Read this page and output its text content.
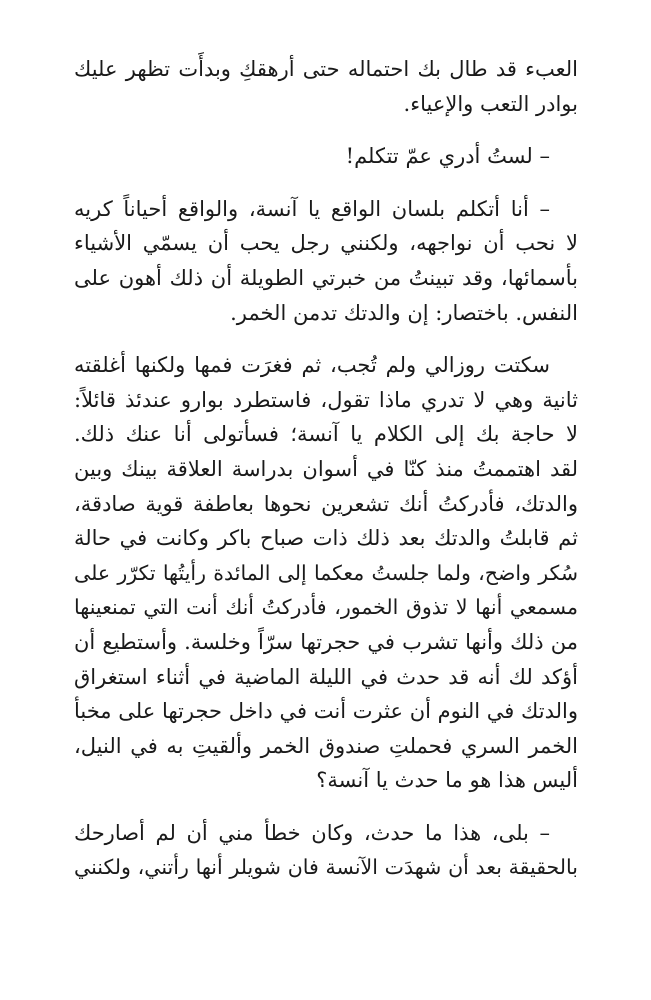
العبء قد طال بك احتماله حتى أرهقكِ وبدأَت تظهر عليك
بوادر التعب والإعياء.
– لستُ أدري عمّ تتكلم!
– أنا أتكلم بلسان الواقع يا آنسة، والواقع أحياناً كريه
لا نحب أن نواجهه، ولكنني رجل يحب أن يسمّي الأشياء
بأسمائها، وقد تبينتُ من خبرتي الطويلة أن ذلك أهون على
النفس. باختصار: إن والدتك تدمن الخمر.
سكتت روزالي ولم تُجب، ثم فغرَت فمها ولكنها أغلقته
ثانية وهي لا تدري ماذا تقول، فاستطرد بوارو عندئذ قائلاً:
لا حاجة بك إلى الكلام يا آنسة؛ فسأتولى أنا عنك ذلك.
لقد اهتممتُ منذ كنّا في أسوان بدراسة العلاقة بينك وبين
والدتك، فأدركتُ أنك تشعرين نحوها بعاطفة قوية صادقة،
ثم قابلتُ والدتك بعد ذلك ذات صباح باكر وكانت في حالة
سُكر واضح، ولما جلستُ معكما إلى المائدة رأيتُها تكرّر على
مسمعي أنها لا تذوق الخمور، فأدركتُ أنك أنت التي تمنعينها
من ذلك وأنها تشرب في حجرتها سرّاً وخلسة. وأستطيع أن
أؤكد لك أنه قد حدث في الليلة الماضية في أثناء استغراق
والدتك في النوم أن عثرت أنت في داخل حجرتها على مخبأ
الخمر السري فحملتِ صندوق الخمر وألقيتِ به في النيل،
أليس هذا هو ما حدث يا آنسة؟
– بلى، هذا ما حدث، وكان خطأ مني أن لم أصارحك
بالحقيقة بعد أن شهدَت الآنسة فان شويلر أنها رأتني، ولكنني
